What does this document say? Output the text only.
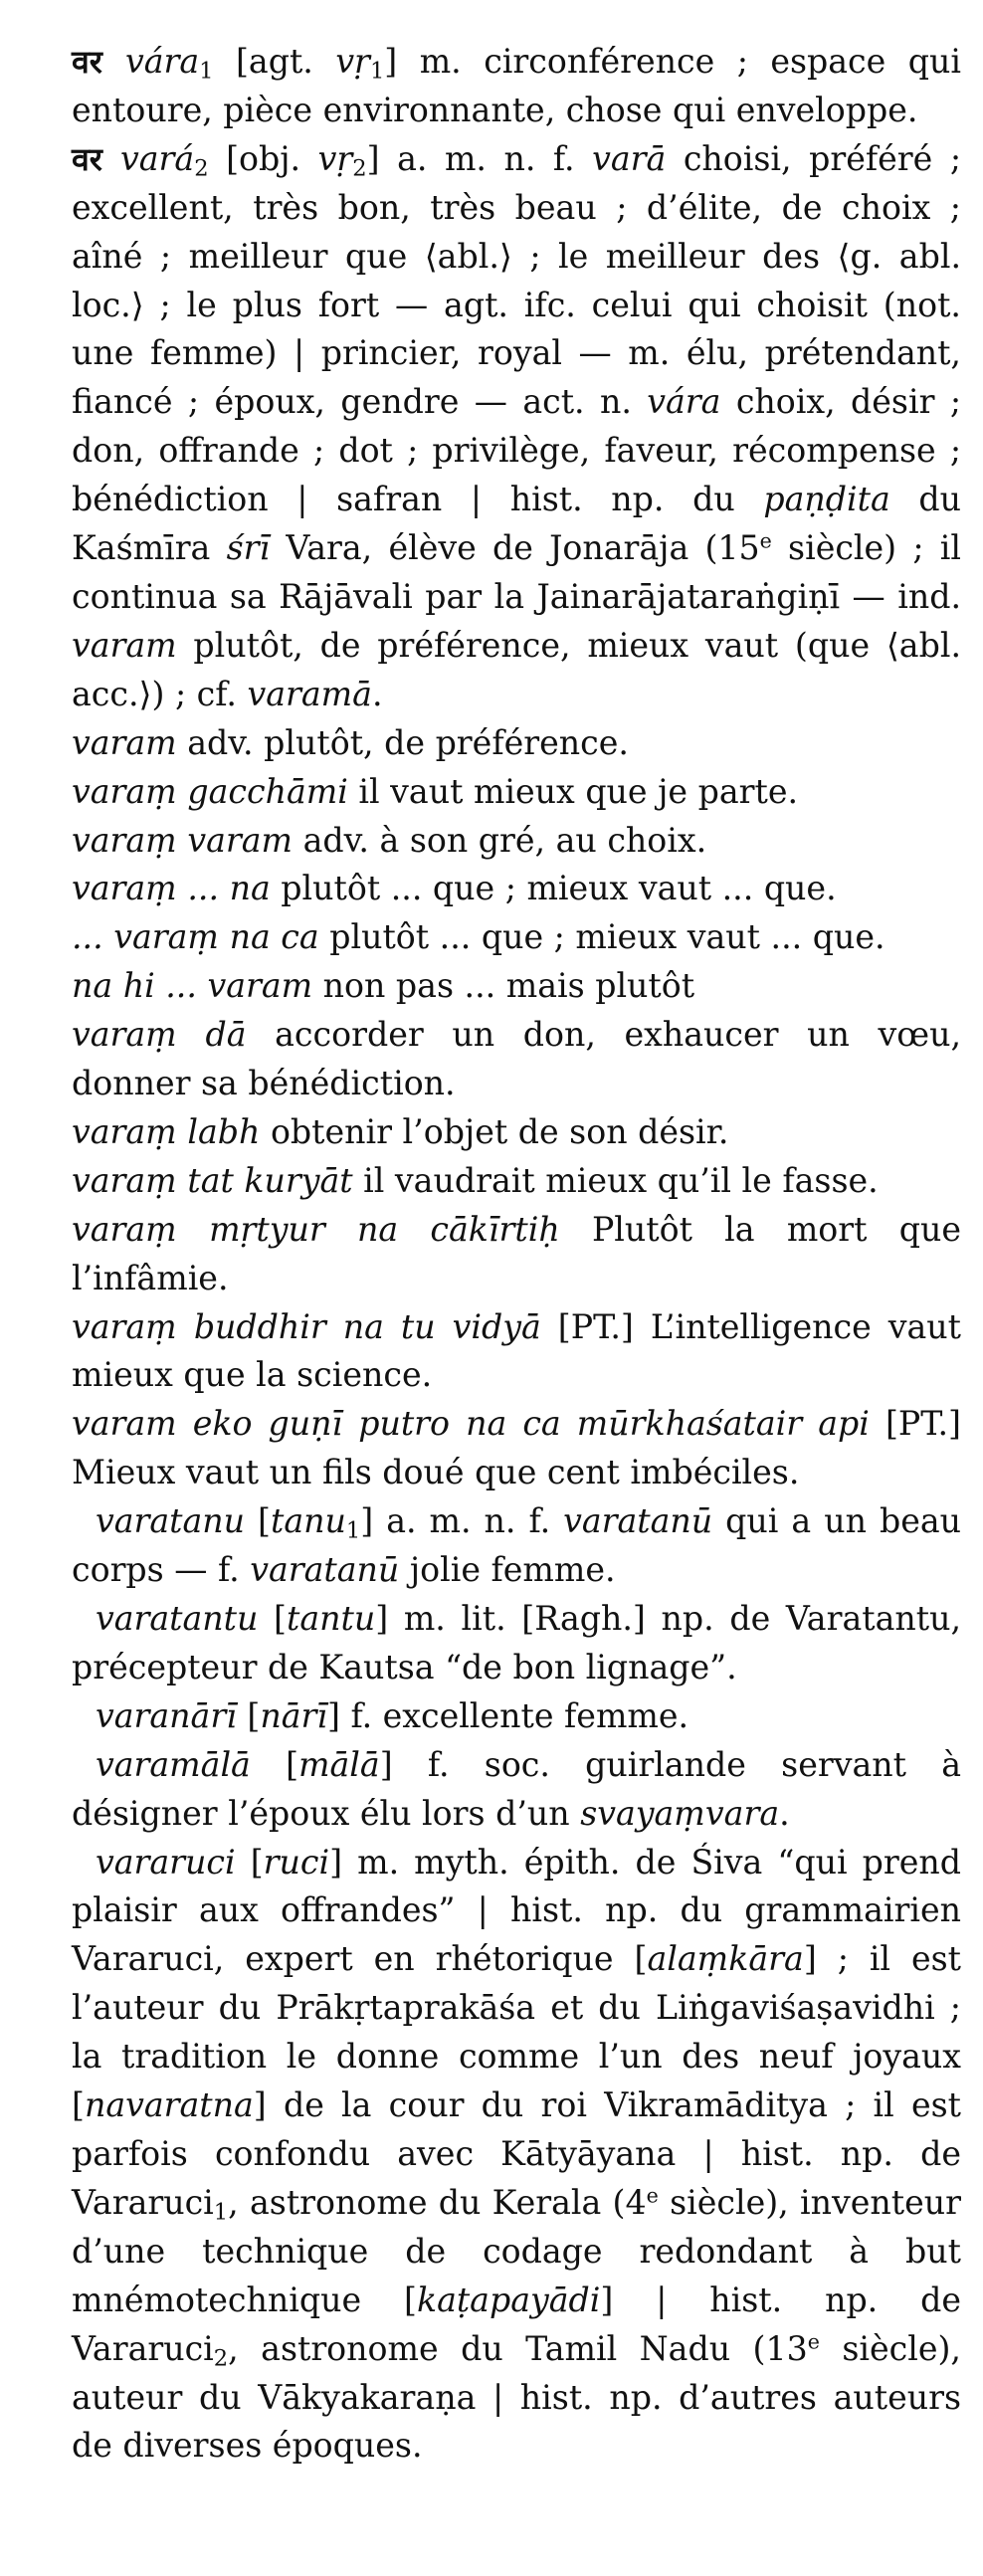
वर vára$_1$ [agt. vṛ$_1$] m. circonférence ; espace qui entoure, pièce environnante, chose qui enveloppe.

वर vará$_2$ [obj. vṛ$_2$] a. m. n. f. varā choisi, préféré ; excellent, très bon, très beau ; d’élite, de choix ; aîné ; meilleur que ⟨abl.⟩ ; le meilleur des ⟨g. abl. loc.⟩ ; le plus fort — agt. ifc. celui qui choisit (not. une femme) | princier, royal — m. élu, prétendant, fiancé ; époux, gendre — act. n. vára choix, désir ; don, offrande ; dot ; privilège, faveur, récompense ; bénédiction | safran | hist. np. du paṇḍita du Kaśmīra śrī Vara, élève de Jonarāja (15e siècle) ; il continua sa Rājāvali par la Jainarājataraṅgiṇī — ind. varam plutôt, de préférence, mieux vaut (que ⟨abl. acc.⟩) ; cf. varamā.

varam adv. plutôt, de préférence.

varaṃ gacchāmi il vaut mieux que je parte.

varaṃ varam adv. à son gré, au choix.

varaṃ ... na plutôt ... que ; mieux vaut ... que.

... varaṃ na ca plutôt ... que ; mieux vaut ... que.

na hi ... varam non pas ... mais plutôt

varaṃ dā accorder un don, exhaucer un vœu, donner sa bénédiction.

varaṃ labh obtenir l’objet de son désir.

varaṃ tat kuryāt il vaudrait mieux qu’il le fasse.

varaṃ mṛtyur na cākīrtiḥ Plutôt la mort que l’infâmie.

varaṃ buddhir na tu vidyā [PT.] L’intelligence vaut mieux que la science.

varam eko guṇī putro na ca mūrkhaśatair api [PT.] Mieux vaut un fils doué que cent imbéciles.

varatanu [tanu$_1$] a. m. n. f. varatanū qui a un beau corps — f. varatanū jolie femme.

varatantu [tantu] m. lit. [Ragh.] np. de Varatantu, précepteur de Kautsa “de bon lignage”.

varanārī [nārī] f. excellente femme.

varamālā [mālā] f. soc. guirlande servant à désigner l’époux élu lors d’un svayaṃvara.

vararuci [ruci] m. myth. épith. de Śiva “qui prend plaisir aux offrandes” | hist. np. du grammairien Vararuci, expert en rhétorique [alaṃkāra] ; il est l’auteur du Prākṛtaprakāśa et du Liṅgaviśaṣavidhi ; la tradition le donne comme l’un des neuf joyaux [navaratna] de la cour du roi Vikramāditya ; il est parfois confondu avec Kātyāyana | hist. np. de Vararuci$_1$, astronome du Kerala (4e siècle), inventeur d’une technique de codage redondant à but mnémotechnique [kaṭapayādi] | hist. np. de Vararuci$_2$, astronome du Tamil Nadu (13e siècle), auteur du Vākyakaraṇa | hist. np. d’autres auteurs de diverses époques.
